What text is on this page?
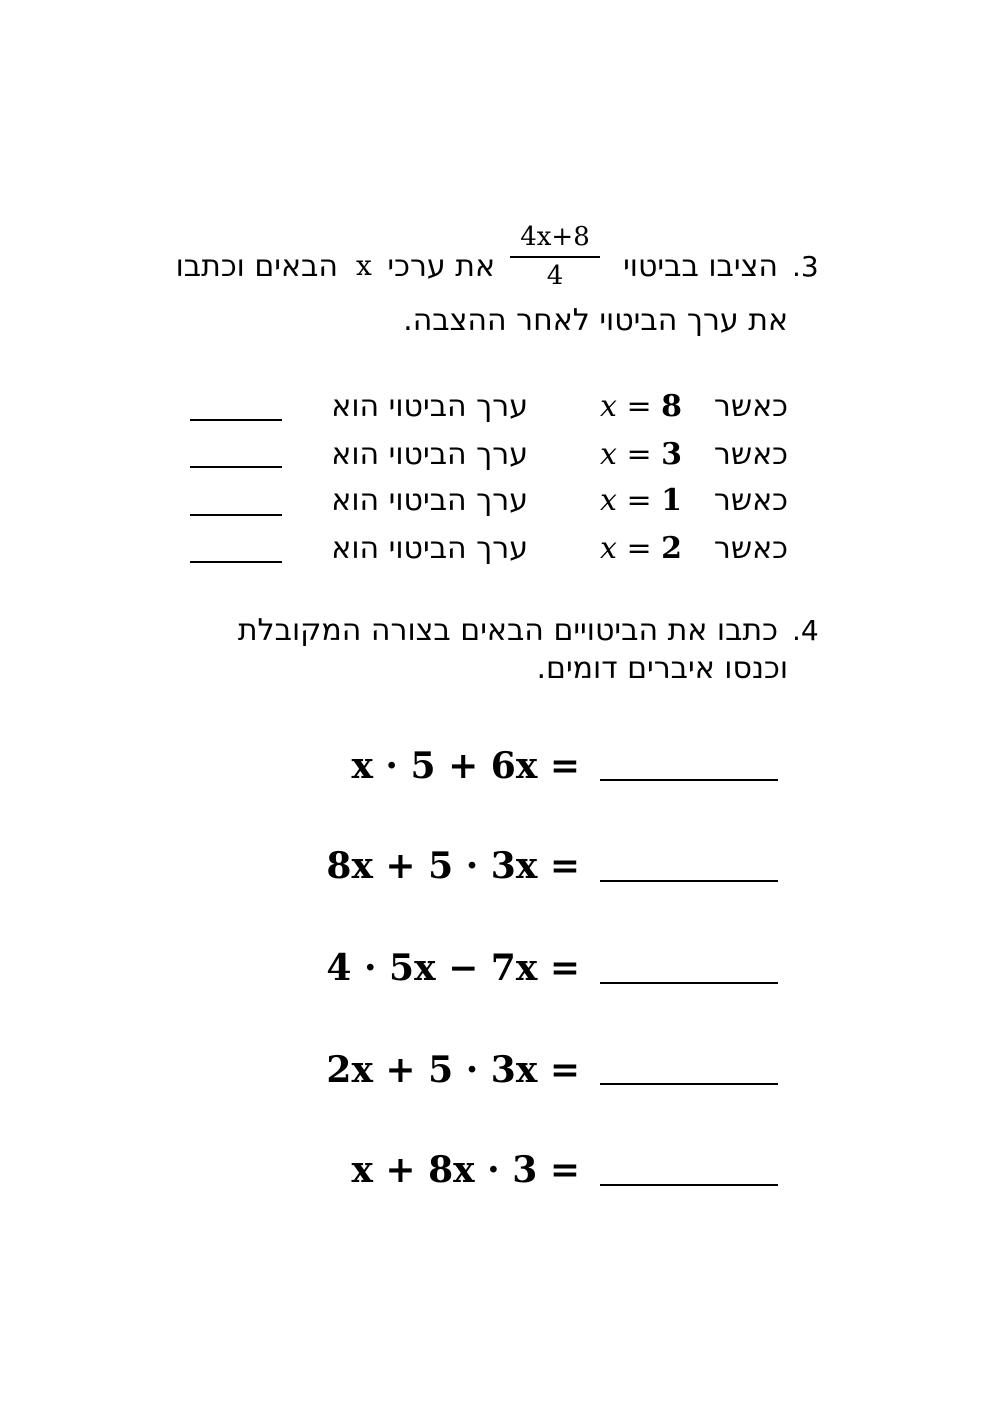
.3
הציבו בביטוי
4x+8
4
את ערכי
x
הבאים וכתבו
את ערך הביטוי לאחר ההצבה.
כאשר
x = 8
ערך הביטוי הוא
כאשר
x = 3
ערך הביטוי הוא
כאשר
x = 1
ערך הביטוי הוא
כאשר
x = 2
ערך הביטוי הוא
.4
כתבו את הביטויים הבאים בצורה המקובלת
וכנסו איברים דומים.
x · 5 + 6x =
8x + 5 · 3x =
4 · 5x − 7x =
2x + 5 · 3x =
x + 8x · 3 =
